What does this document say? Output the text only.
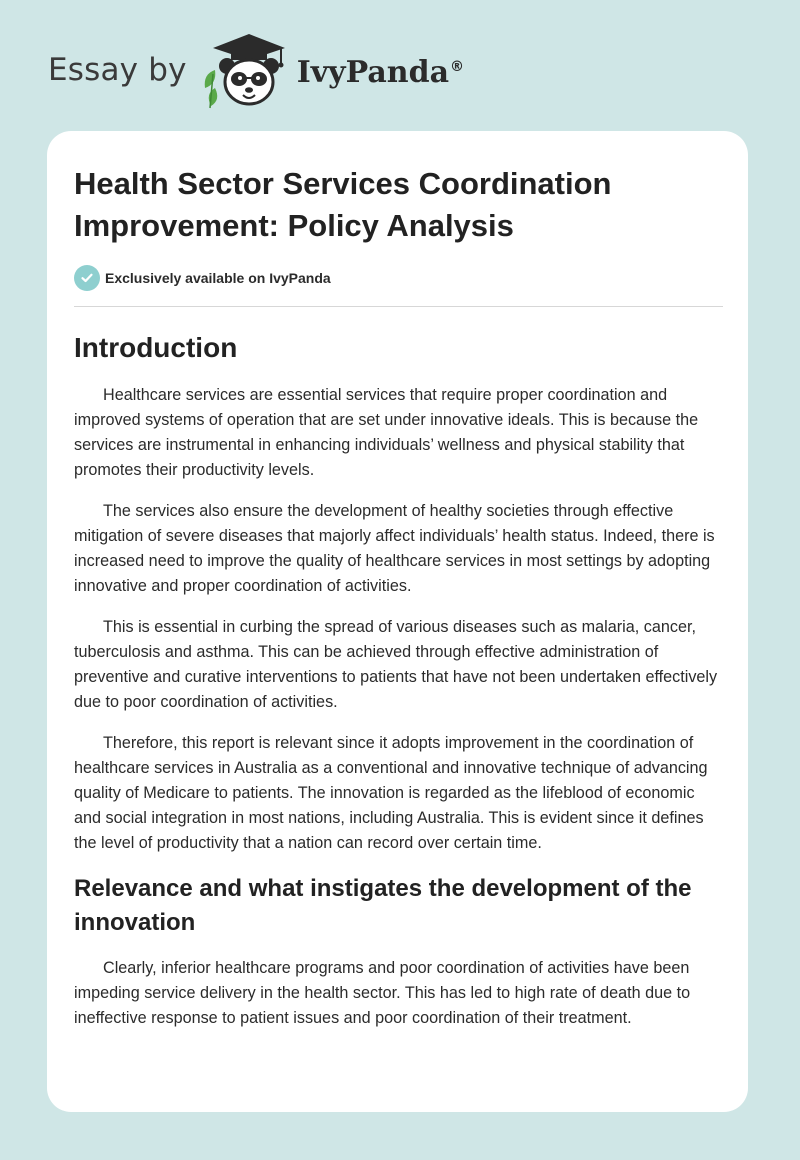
Essay by	IvyPanda®
Health Sector Services Coordination Improvement: Policy Analysis
Exclusively available on IvyPanda
Introduction

Healthcare services are essential services that require proper coordination and improved systems of operation that are set under innovative ideals. This is because the services are instrumental in enhancing individuals’ wellness and physical stability that promotes their productivity levels.

The services also ensure the development of healthy societies through effective mitigation of severe diseases that majorly affect individuals’ health status. Indeed, there is increased need to improve the quality of healthcare services in most settings by adopting innovative and proper coordination of activities.

This is essential in curbing the spread of various diseases such as malaria, cancer, tuberculosis and asthma. This can be achieved through effective administration of preventive and curative interventions to patients that have not been undertaken effectively due to poor coordination of activities.

Therefore, this report is relevant since it adopts improvement in the coordination of healthcare services in Australia as a conventional and innovative technique of advancing quality of Medicare to patients. The innovation is regarded as the lifeblood of economic and social integration in most nations, including Australia. This is evident since it defines the level of productivity that a nation can record over certain time.

Relevance and what instigates the development of the innovation

Clearly, inferior healthcare programs and poor coordination of activities have been impeding service delivery in the health sector. This has led to high rate of death due to ineffective response to patient issues and poor coordination of their treatment.
